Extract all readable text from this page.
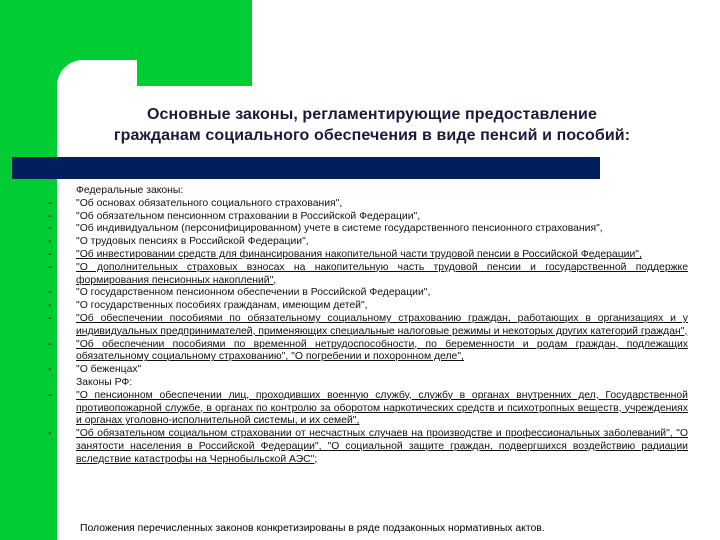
Основные законы, регламентирующие предоставление
гражданам социального обеспечения в виде пенсий и пособий:
Федеральные законы:
-	"Об основах обязательного социального страхования",
-	"Об обязательном пенсионном страховании в Российской Федерации",
-	"Об индивидуальном (персонифицированном) учете в системе государственного пенсионного страхования",
-	"О трудовых пенсиях в Российской Федерации",
-	"Об инвестировании средств для финансирования накопительной части трудовой пенсии в Российской Федерации",
-	"О дополнительных страховых взносах на накопительную часть трудовой пенсии и государственной поддержке формирования пенсионных накоплений",
-	"О государственном пенсионном обеспечении в Российской Федерации",
-	"О государственных пособиях гражданам, имеющим детей",
-	"Об обеспечении пособиями по обязательному социальному страхованию граждан, работающих в организациях и у индивидуальных предпринимателей, применяющих специальные налоговые режимы и некоторых других категорий граждан",
-	"Об обеспечении пособиями по временной нетрудоспособности, по беременности и родам граждан, подлежащих обязательному социальному страхованию", "О погребении и похоронном деле",
-	"О беженцах"
Законы РФ:
-	"О пенсионном обеспечении лиц, проходивших военную службу, службу в органах внутренних дел, Государственной противопожарной службе, в органах по контролю за оборотом наркотических средств и психотропных веществ, учреждениях и органах уголовно-исполнительной системы, и их семей",
-	"Об обязательном социальном страховании от несчастных случаев на производстве и профессиональных заболеваний", "О занятости населения в Российской Федерации", "О социальной защите граждан, подвергшихся воздействию радиации вследствие катастрофы на Чернобыльской АЭС";
Положения перечисленных законов конкретизированы в ряде подзаконных нормативных актов.
